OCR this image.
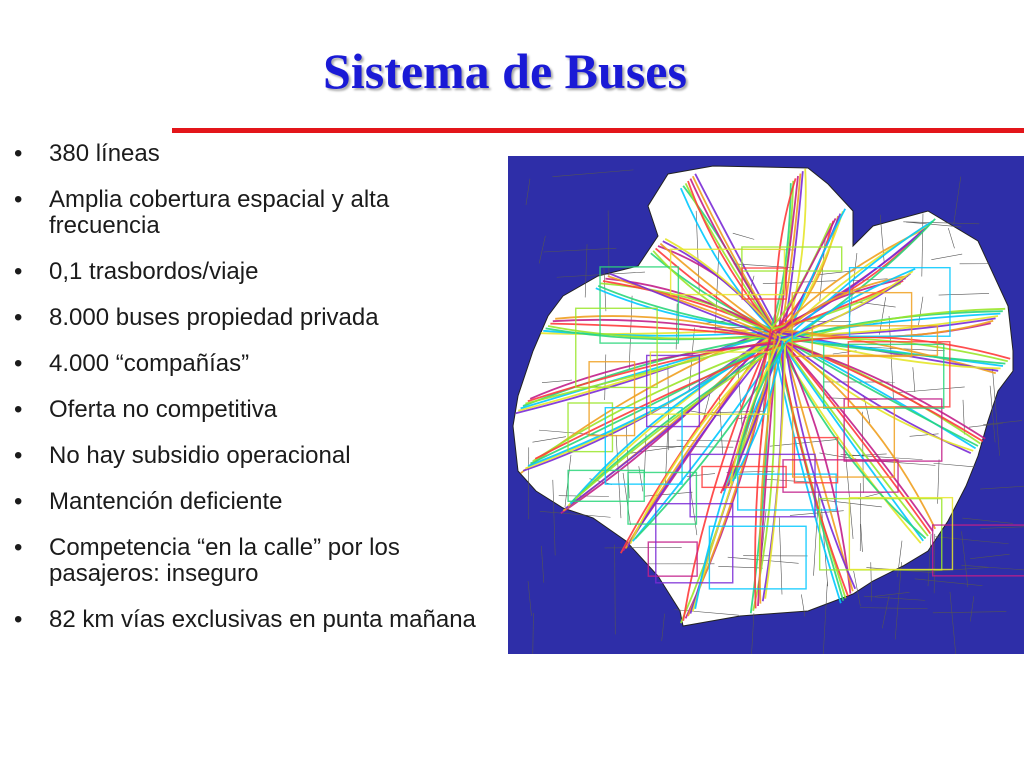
Sistema de Buses
• 380 líneas
• Amplia cobertura espacial y alta frecuencia
• 0,1 trasbordos/viaje
• 8.000 buses propiedad privada
• 4.000 “compañías”
• Oferta no competitiva
• No hay subsidio operacional
• Mantención deficiente
• Competencia “en la calle” por los pasajeros: inseguro
• 82 km vías exclusivas en punta mañana
